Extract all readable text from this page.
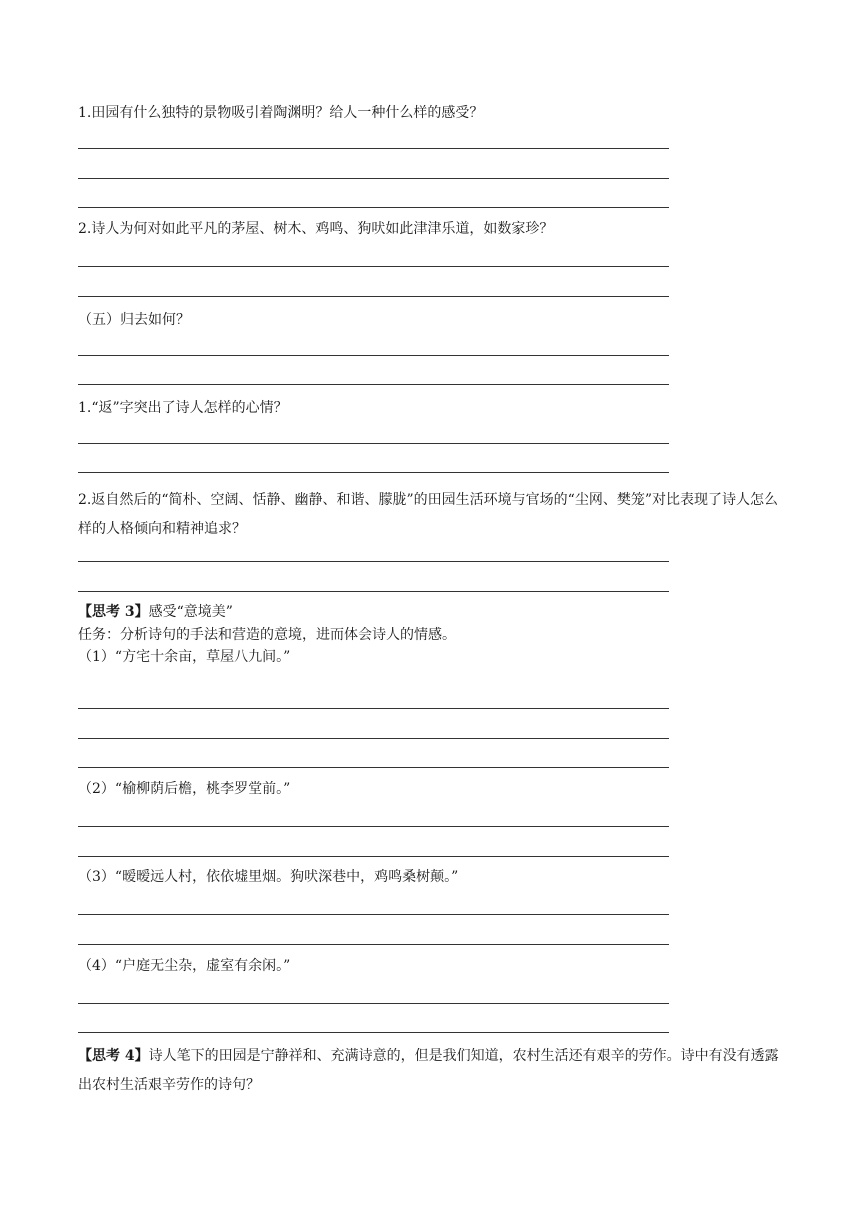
1.田园有什么独特的景物吸引着陶渊明？给人一种什么样的感受？
2.诗人为何对如此平凡的茅屋、树木、鸡鸣、狗吠如此津津乐道，如数家珍？
（五）归去如何？
1.“返”字突出了诗人怎样的心情？
2.返自然后的“简朴、空阔、恬静、幽静、和谐、朦胧”的田园生活环境与官场的“尘网、樊笼”对比表现了诗人怎么样的人格倾向和精神追求？
【思考 3】感受“意境美”
任务：分析诗句的手法和营造的意境，进而体会诗人的情感。
（1）“方宅十余亩，草屋八九间。”
（2）“榆柳荫后檐，桃李罗堂前。”
（3）“暧暧远人村，依依墟里烟。狗吠深巷中，鸡鸣桑树颠。”
（4）“户庭无尘杂，虚室有余闲。”
【思考 4】诗人笔下的田园是宁静祥和、充满诗意的，但是我们知道，农村生活还有艰辛的劳作。诗中有没有透露出农村生活艰辛劳作的诗句？
